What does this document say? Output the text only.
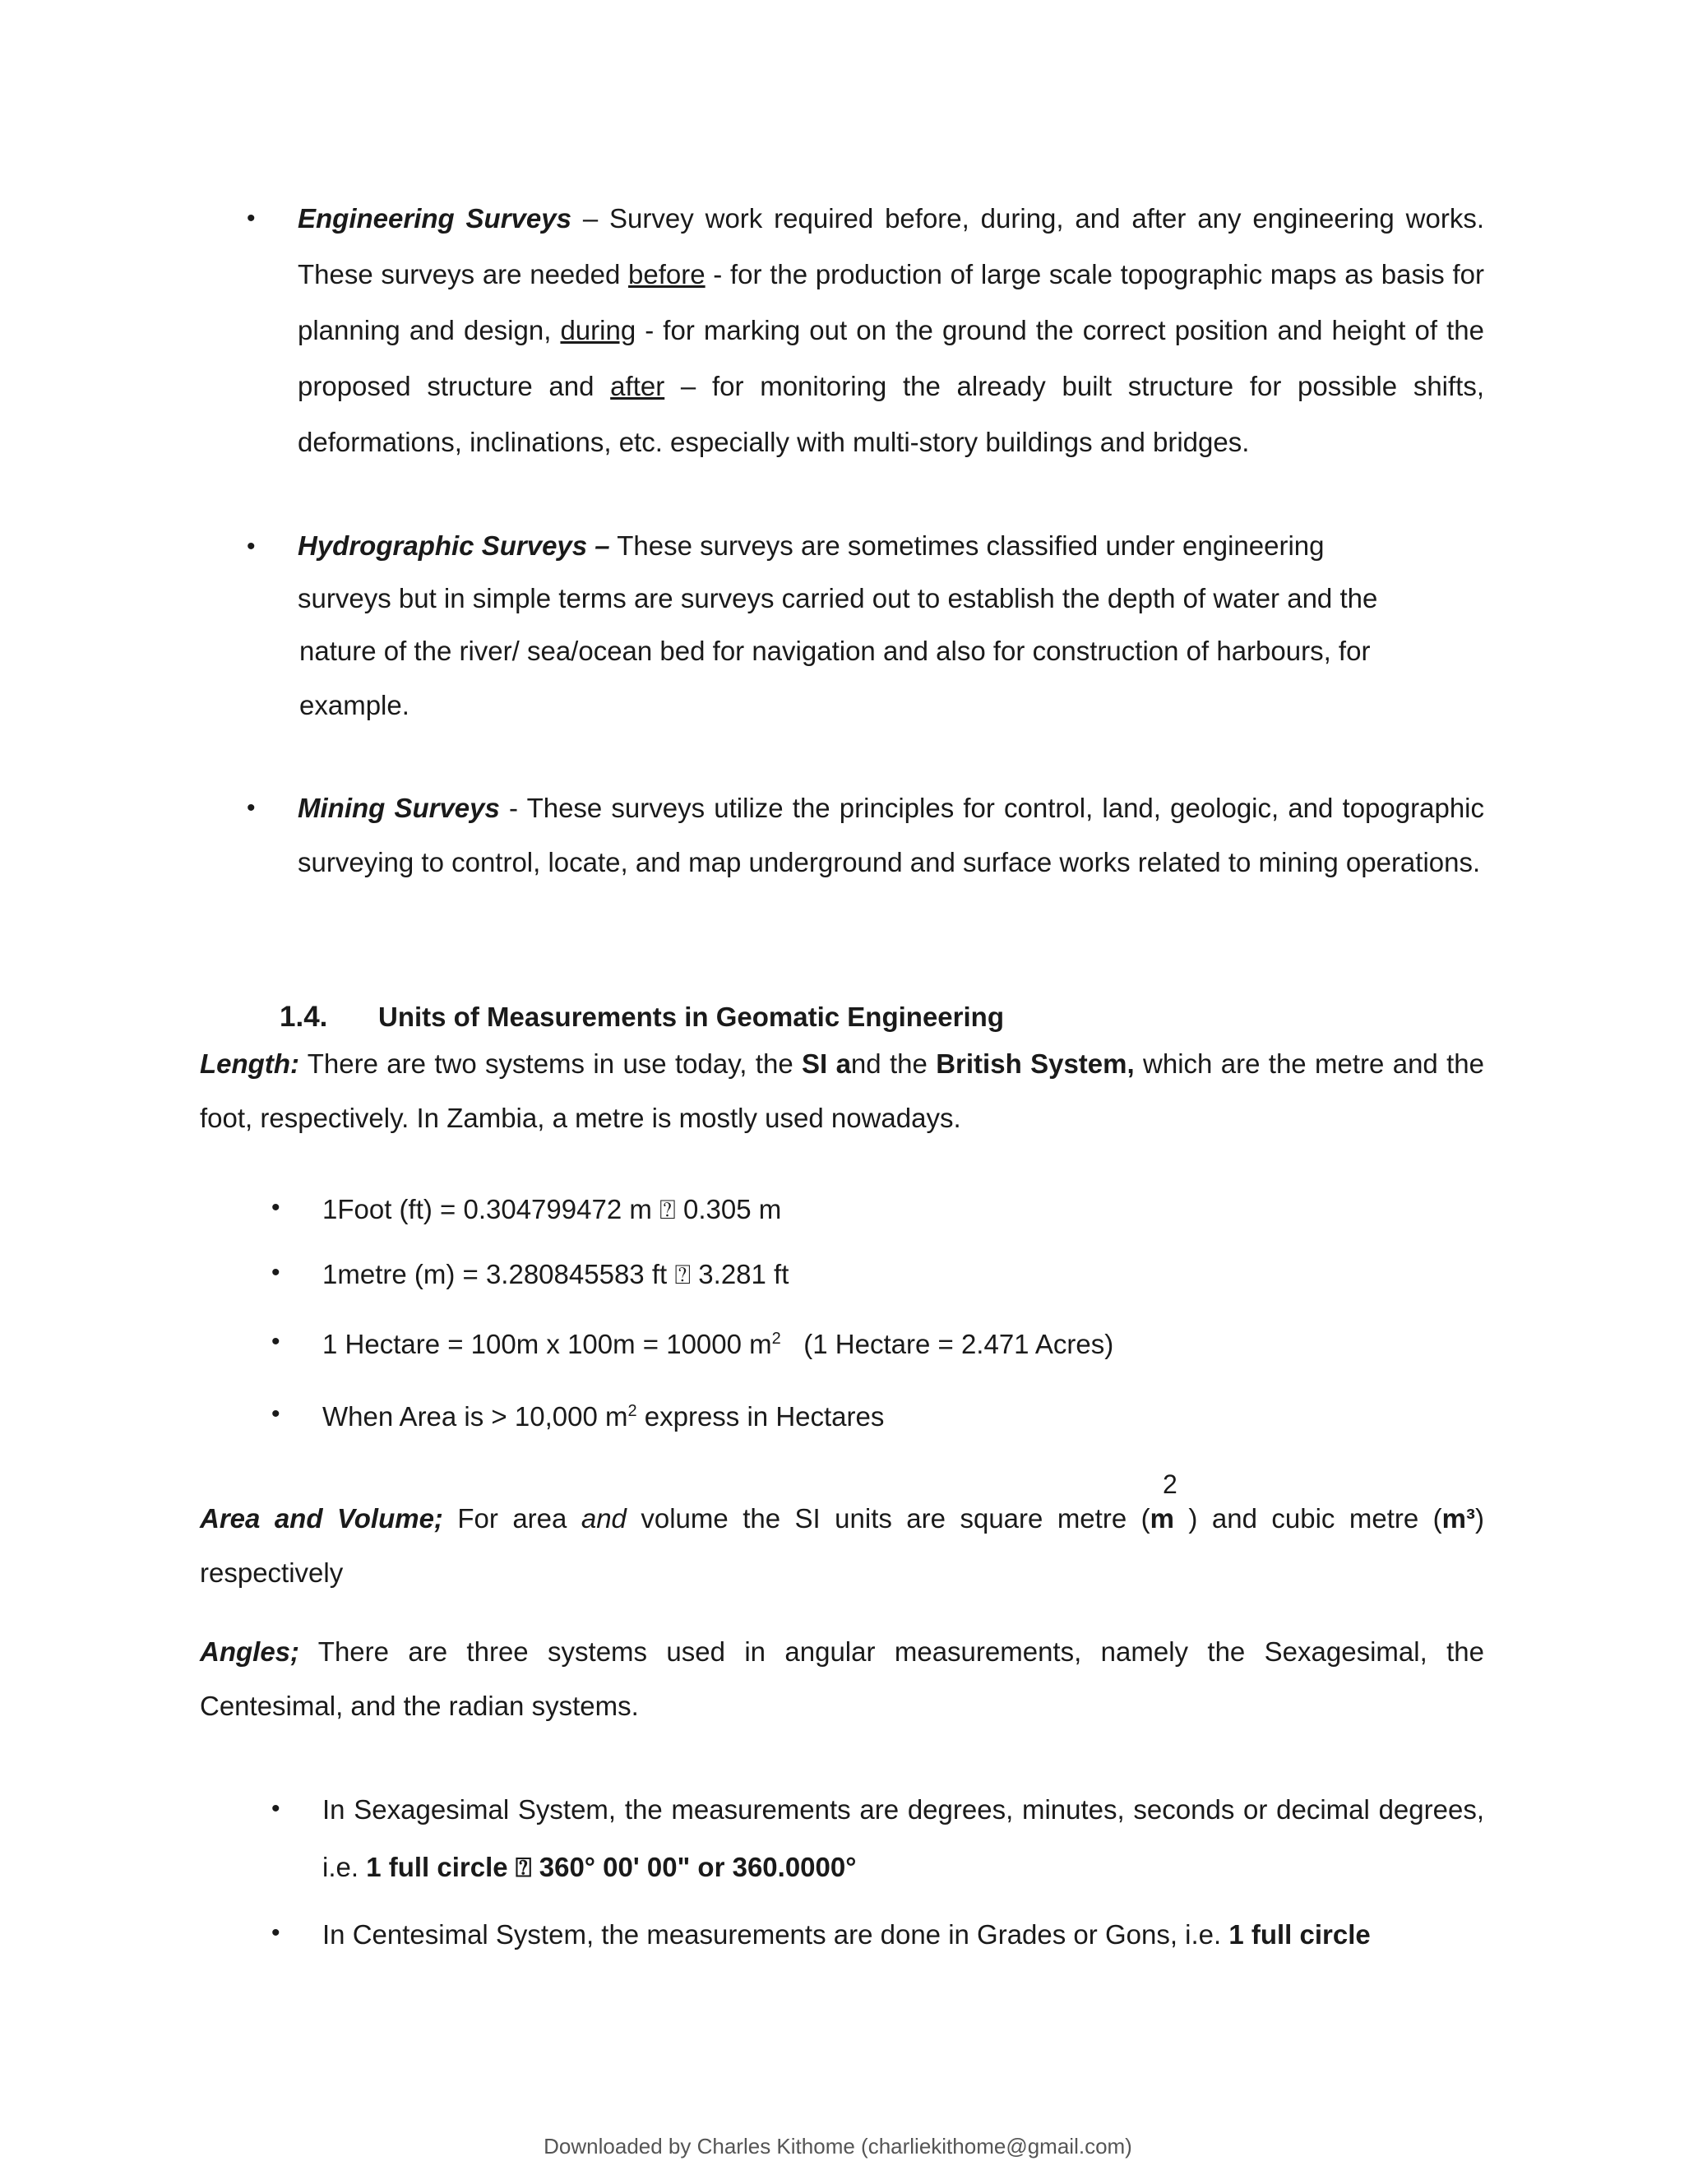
• Engineering Surveys – Survey work required before, during, and after any engineering works. These surveys are needed before - for the production of large scale topographic maps as basis for planning and design, during - for marking out on the ground the correct position and height of the proposed structure and after – for monitoring the already built structure for possible shifts, deformations, inclinations, etc. especially with multi-story buildings and bridges.
• Hydrographic Surveys – These surveys are sometimes classified under engineering
surveys but in simple terms are surveys carried out to establish the depth of water and the
nature of the river/ sea/ocean bed for navigation and also for construction of harbours, for
example.
• Mining Surveys - These surveys utilize the principles for control, land, geologic, and topographic surveying to control, locate, and map underground and surface works related to mining operations.
1.4. Units of Measurements in Geomatic Engineering
Length: There are two systems in use today, the SI and the British System, which are the metre and the foot, respectively. In Zambia, a metre is mostly used nowadays.
• 1Foot (ft) = 0.304799472 m ⍰ 0.305 m
• 1metre (m) = 3.280845583 ft ⍰ 3.281 ft
• 1 Hectare = 100m x 100m = 10000 $m^2$   (1 Hectare = 2.471 Acres)
• When Area is > 10,000 $m^2$ express in Hectares
2
Area and Volume; For area and volume the SI units are square metre (m ) and cubic metre (m³) respectively
Angles; There are three systems used in angular measurements, namely the Sexagesimal, the Centesimal, and the radian systems.
• In Sexagesimal System, the measurements are degrees, minutes, seconds or decimal degrees, i.e. 1 full circle ⍰ 360° 00' 00" or 360.0000°
• In Centesimal System, the measurements are done in Grades or Gons, i.e. 1 full circle
Downloaded by Charles Kithome (charliekithome@gmail.com)
